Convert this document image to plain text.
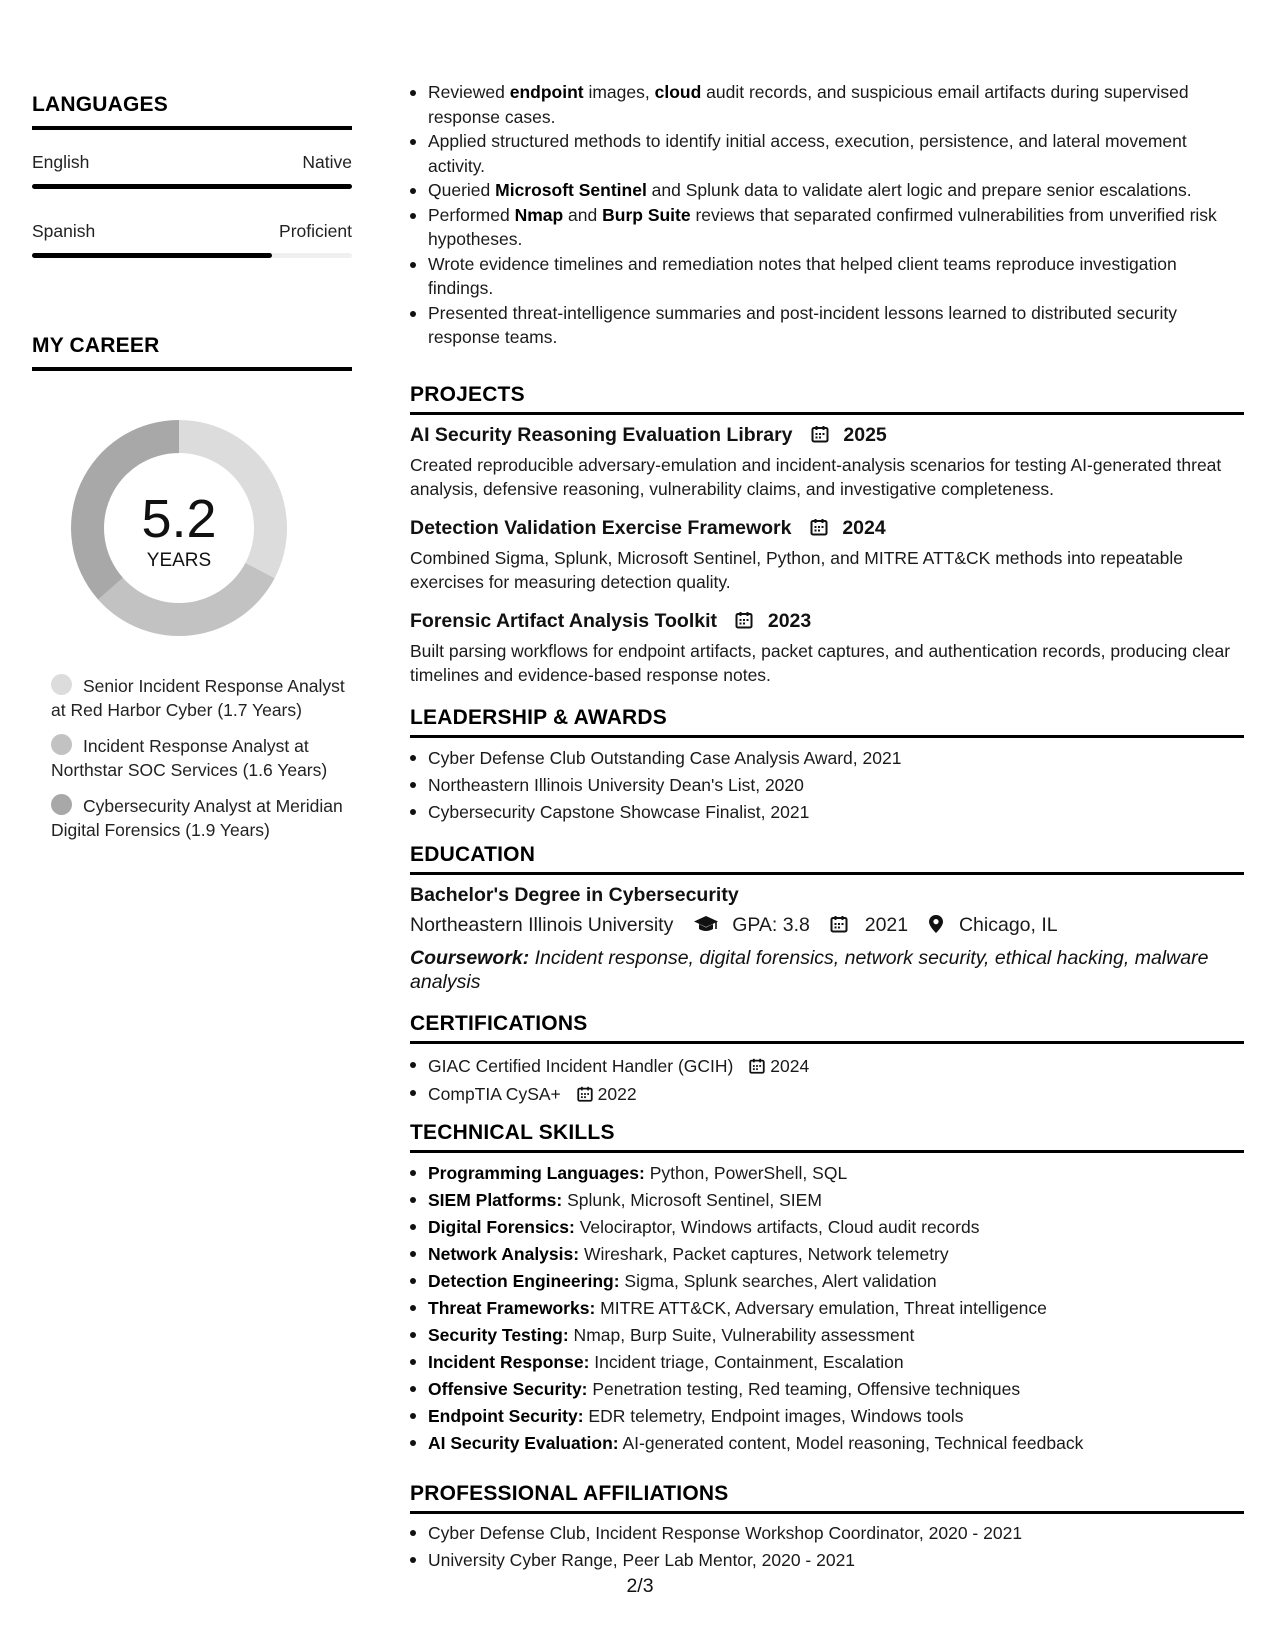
LANGUAGES
English	Native
Spanish	Proficient
MY CAREER
5.2
YEARS
Senior Incident Response Analyst at Red Harbor Cyber (1.7 Years)
Incident Response Analyst at Northstar SOC Services (1.6 Years)
Cybersecurity Analyst at Meridian Digital Forensics (1.9 Years)
Reviewed endpoint images, cloud audit records, and suspicious email artifacts during supervised response cases.
Applied structured methods to identify initial access, execution, persistence, and lateral movement activity.
Queried Microsoft Sentinel and Splunk data to validate alert logic and prepare senior escalations.
Performed Nmap and Burp Suite reviews that separated confirmed vulnerabilities from unverified risk hypotheses.
Wrote evidence timelines and remediation notes that helped client teams reproduce investigation findings.
Presented threat-intelligence summaries and post-incident lessons learned to distributed security response teams.
PROJECTS
AI Security Reasoning Evaluation Library	2025
Created reproducible adversary-emulation and incident-analysis scenarios for testing AI-generated threat analysis, defensive reasoning, vulnerability claims, and investigative completeness.
Detection Validation Exercise Framework	2024
Combined Sigma, Splunk, Microsoft Sentinel, Python, and MITRE ATT&CK methods into repeatable exercises for measuring detection quality.
Forensic Artifact Analysis Toolkit	2023
Built parsing workflows for endpoint artifacts, packet captures, and authentication records, producing clear timelines and evidence-based response notes.
LEADERSHIP & AWARDS
Cyber Defense Club Outstanding Case Analysis Award, 2021
Northeastern Illinois University Dean's List, 2020
Cybersecurity Capstone Showcase Finalist, 2021
EDUCATION
Bachelor's Degree in Cybersecurity
Northeastern Illinois University	GPA: 3.8	2021	Chicago, IL
Coursework: Incident response, digital forensics, network security, ethical hacking, malware analysis
CERTIFICATIONS
GIAC Certified Incident Handler (GCIH) 2024
CompTIA CySA+ 2022
TECHNICAL SKILLS
Programming Languages: Python, PowerShell, SQL
SIEM Platforms: Splunk, Microsoft Sentinel, SIEM
Digital Forensics: Velociraptor, Windows artifacts, Cloud audit records
Network Analysis: Wireshark, Packet captures, Network telemetry
Detection Engineering: Sigma, Splunk searches, Alert validation
Threat Frameworks: MITRE ATT&CK, Adversary emulation, Threat intelligence
Security Testing: Nmap, Burp Suite, Vulnerability assessment
Incident Response: Incident triage, Containment, Escalation
Offensive Security: Penetration testing, Red teaming, Offensive techniques
Endpoint Security: EDR telemetry, Endpoint images, Windows tools
AI Security Evaluation: AI-generated content, Model reasoning, Technical feedback
PROFESSIONAL AFFILIATIONS
Cyber Defense Club, Incident Response Workshop Coordinator, 2020 - 2021
University Cyber Range, Peer Lab Mentor, 2020 - 2021
2/3
